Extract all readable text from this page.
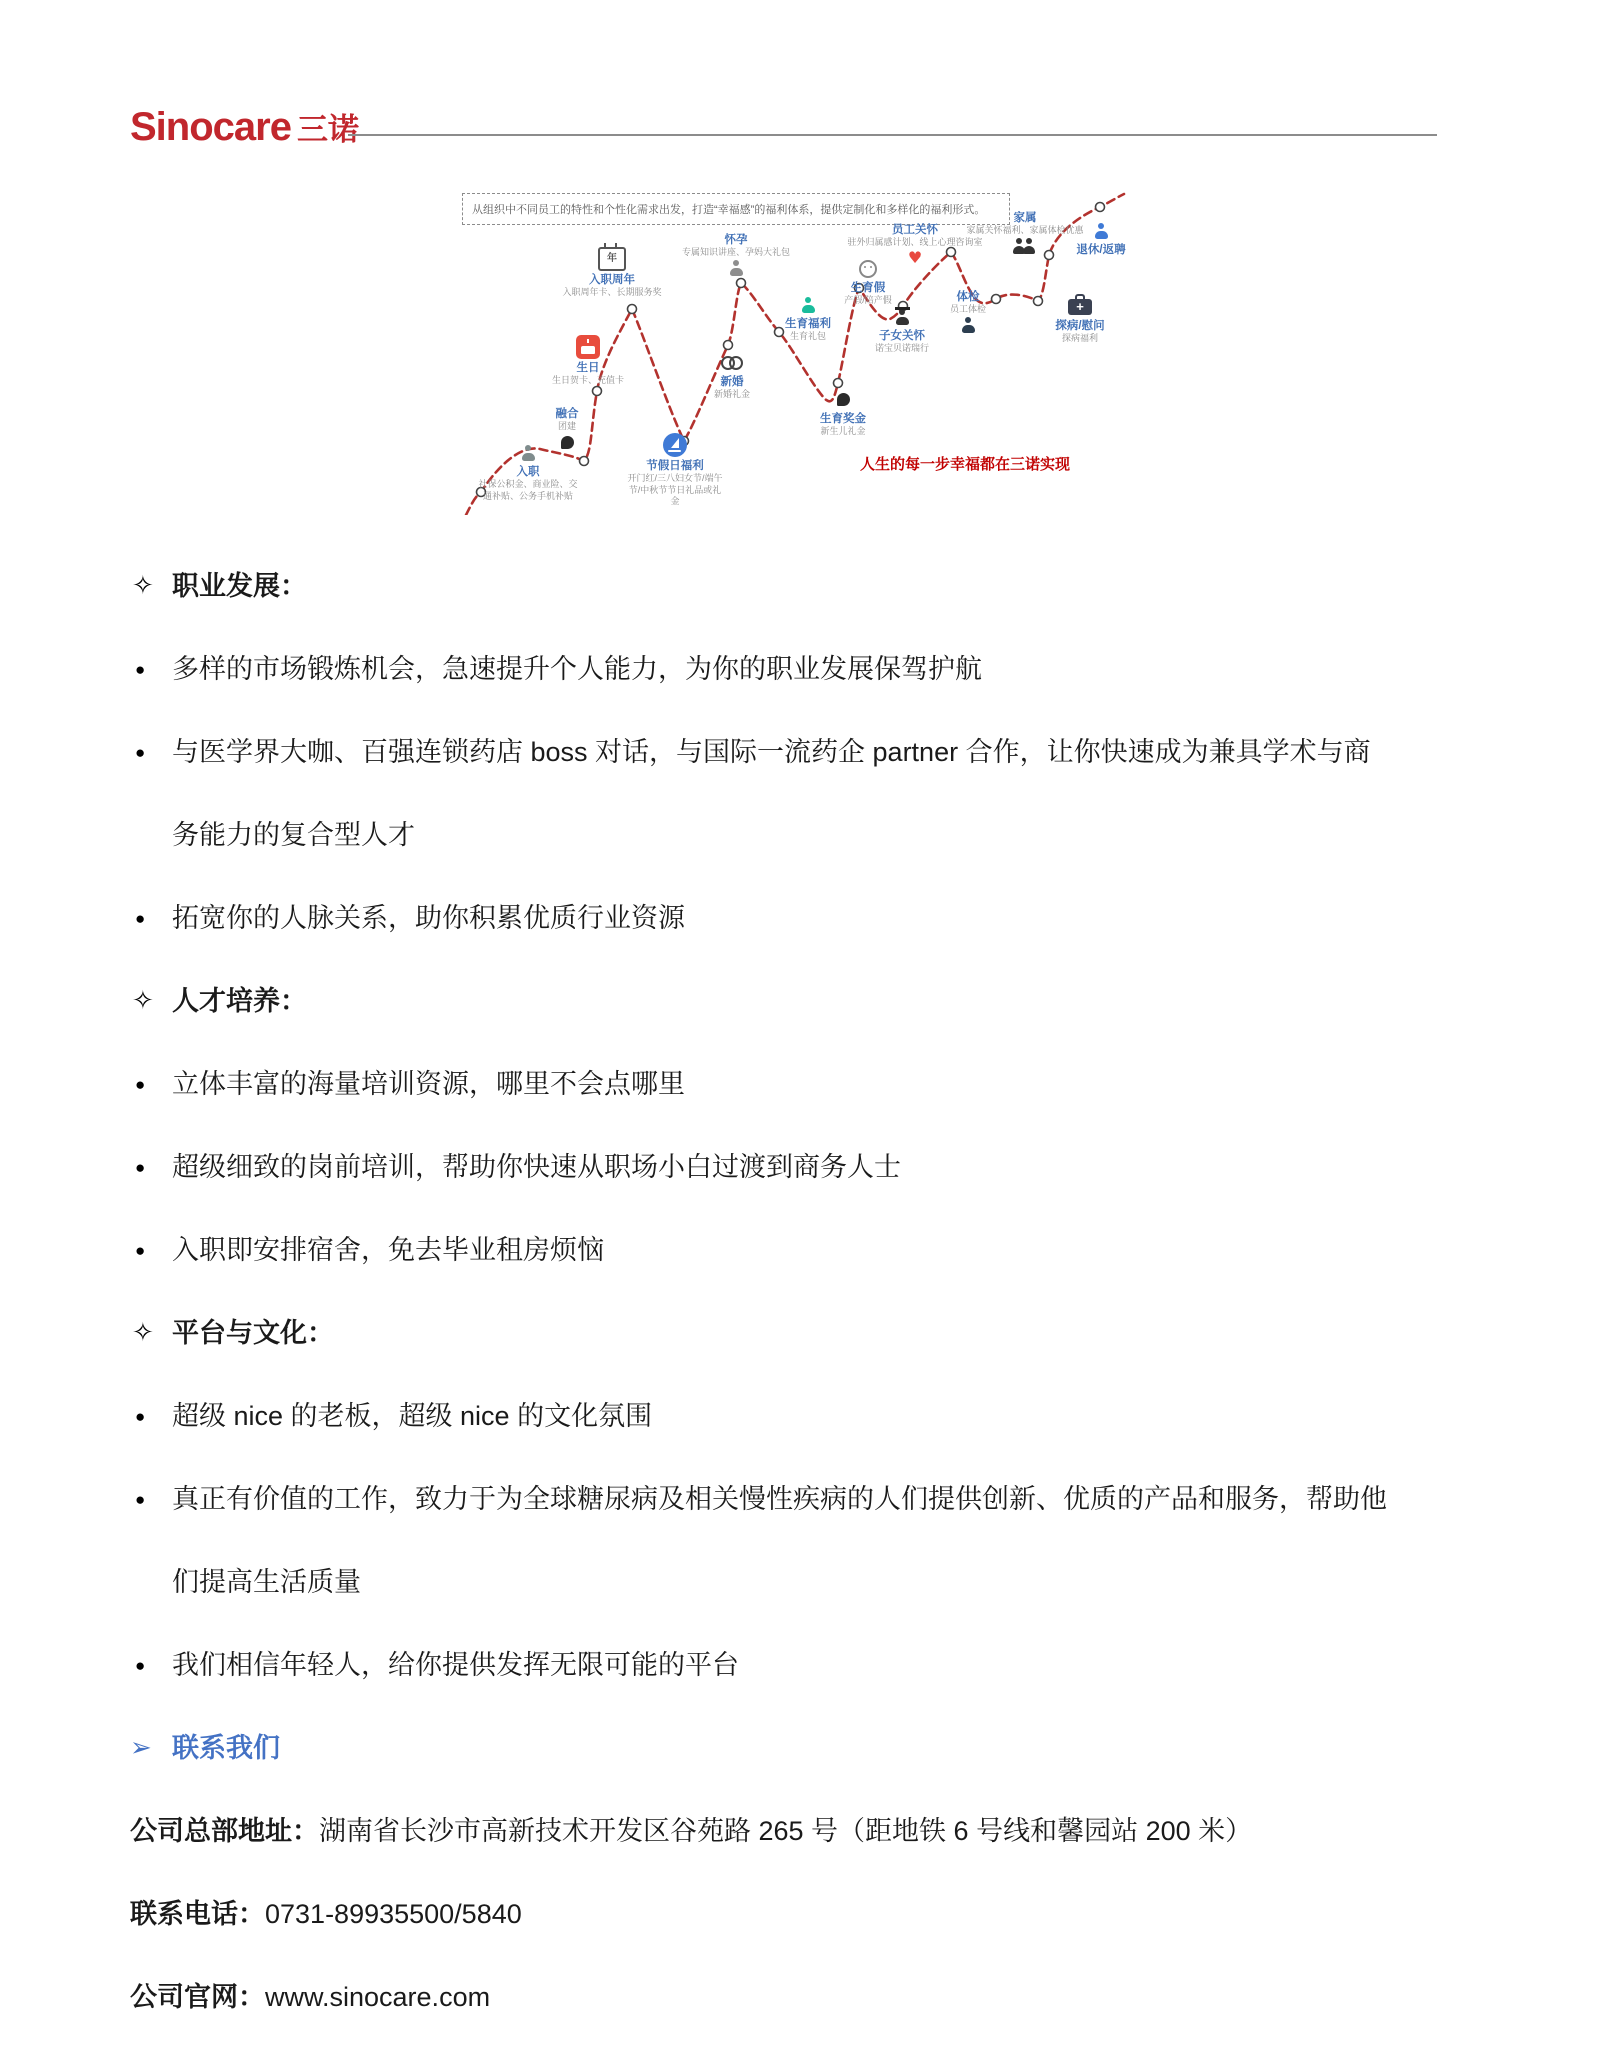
Sinocare 三诺
从组织中不同员工的特性和个性化需求出发，打造“幸福感”的福利体系，提供定制化和多样化的福利形式。
入职
社保公积金、商业险、交通补贴、公务手机补贴
融合
团建
生日
生日贺卡、充值卡
节假日福利
开门红/三八妇女节/端午节/中秋节节日礼品或礼金
年
入职周年
入职周年卡、长期服务奖
新婚
新婚礼金
怀孕
专属知识讲座、孕妈大礼包
生育福利
生育礼包
生育假
产假/陪产假
生育奖金
新生儿礼金
子女关怀
诺宝贝诺瑞行
员工关怀
驻外归属感计划、线上心理咨询室
♥
体检
员工体检
家属
家属关怀福利、家属体检优惠
+
探病/慰问
探病福利
退休/返聘
人生的每一步幸福都在三诺实现
✧ 职业发展：
● 多样的市场锻炼机会，急速提升个人能力，为你的职业发展保驾护航
● 与医学界大咖、百强连锁药店 boss 对话，与国际一流药企 partner 合作，让你快速成为兼具学术与商务能力的复合型人才
● 拓宽你的人脉关系，助你积累优质行业资源
✧ 人才培养：
● 立体丰富的海量培训资源，哪里不会点哪里
● 超级细致的岗前培训，帮助你快速从职场小白过渡到商务人士
● 入职即安排宿舍，免去毕业租房烦恼
✧ 平台与文化：
● 超级 nice 的老板，超级 nice 的文化氛围
● 真正有价值的工作，致力于为全球糖尿病及相关慢性疾病的人们提供创新、优质的产品和服务，帮助他们提高生活质量
● 我们相信年轻人，给你提供发挥无限可能的平台
➢ 联系我们
公司总部地址：湖南省长沙市高新技术开发区谷苑路 265 号（距地铁 6 号线和馨园站 200 米）
联系电话：0731-89935500/5840
公司官网：www.sinocare.com
